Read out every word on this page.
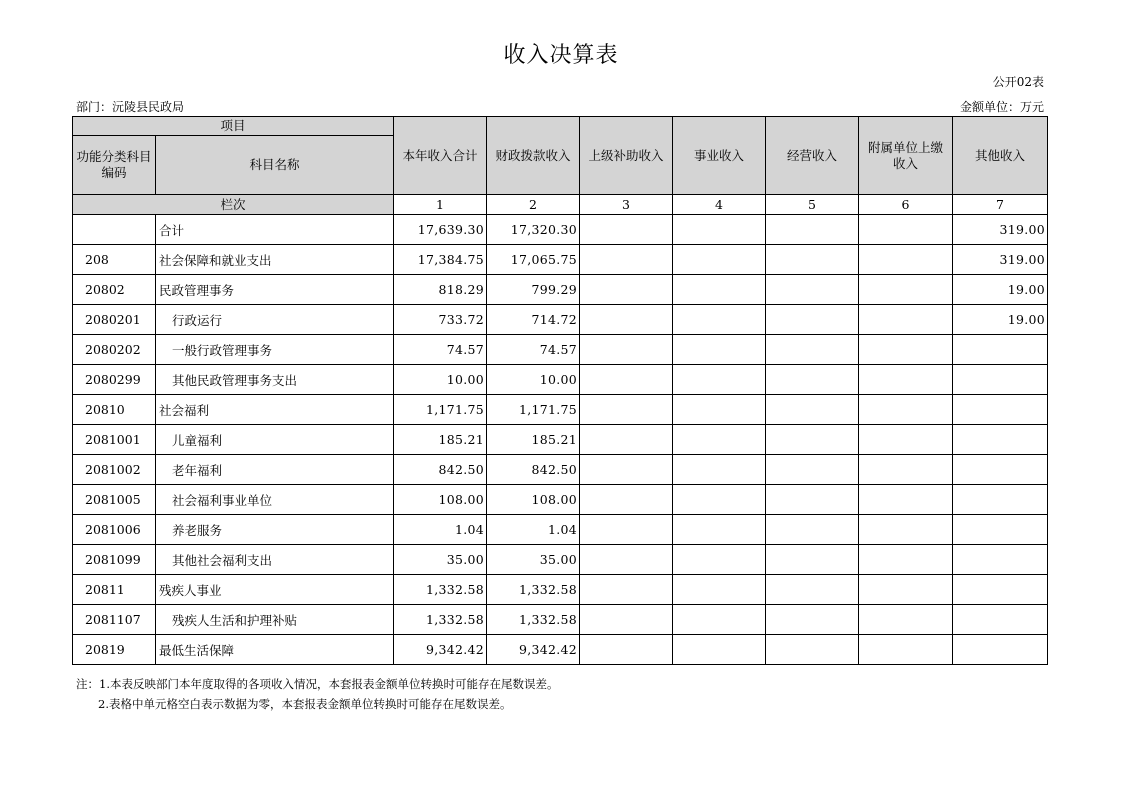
收入决算表
公开02表
部门：沅陵县民政局	金额单位：万元
项目		本年收入合计	财政拨款收入	上级补助收入	事业收入	经营收入	附属单位上缴收入	其他收入
功能分类科目编码	科目名称							
栏次		1	2	3	4	5	6	7
	合计	17,639.30	17,320.30					319.00
208	社会保障和就业支出	17,384.75	17,065.75					319.00
20802	民政管理事务	818.29	799.29					19.00
2080201	行政运行	733.72	714.72					19.00
2080202	一般行政管理事务	74.57	74.57					
2080299	其他民政管理事务支出	10.00	10.00					
20810	社会福利	1,171.75	1,171.75					
2081001	儿童福利	185.21	185.21					
2081002	老年福利	842.50	842.50					
2081005	社会福利事业单位	108.00	108.00					
2081006	养老服务	1.04	1.04					
2081099	其他社会福利支出	35.00	35.00					
20811	残疾人事业	1,332.58	1,332.58					
2081107	残疾人生活和护理补贴	1,332.58	1,332.58					
20819	最低生活保障	9,342.42	9,342.42					
注：1.本表反映部门本年度取得的各项收入情况，本套报表金额单位转换时可能存在尾数误差。
2.表格中单元格空白表示数据为零，本套报表金额单位转换时可能存在尾数误差。
